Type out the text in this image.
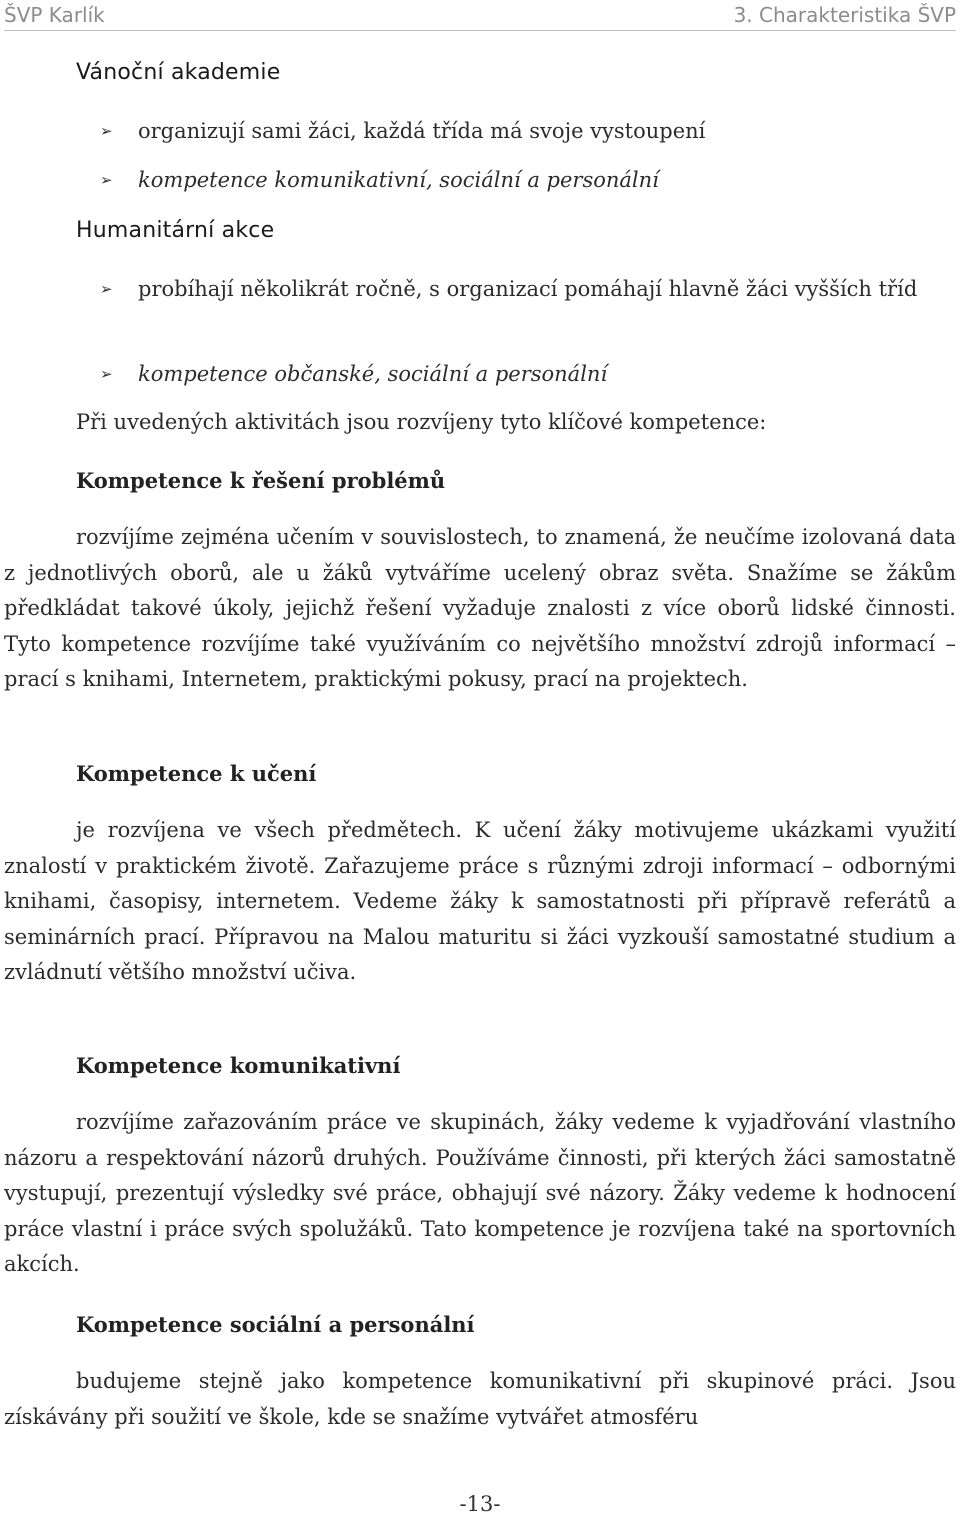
ŠVP Karlík	3. Charakteristika ŠVP
Vánoční akademie
➢	organizují sami žáci, každá třída má svoje vystoupení
➢	kompetence komunikativní, sociální a personální
Humanitární akce
➢	probíhají několikrát ročně, s organizací pomáhají hlavně žáci vyšších tříd
➢	kompetence občanské, sociální a personální
Při uvedených aktivitách jsou rozvíjeny tyto klíčové kompetence:
Kompetence k řešení problémů

rozvíjíme zejména učením v souvislostech, to znamená, že neučíme izolovaná data z jednotlivých oborů, ale u žáků vytváříme ucelený obraz světa. Snažíme se žákům předkládat takové úkoly, jejichž řešení vyžaduje znalosti z více oborů lidské činnosti. Tyto kompetence rozvíjíme také využíváním co největšího množství zdrojů informací – prací s knihami, Internetem, praktickými pokusy, prací na projektech.

Kompetence k učení

je rozvíjena ve všech předmětech. K učení žáky motivujeme ukázkami využití znalostí v praktickém životě. Zařazujeme práce s různými zdroji informací – odbornými knihami, časopisy, internetem. Vedeme žáky k samostatnosti při přípravě referátů a seminárních prací. Přípravou na Malou maturitu si žáci vyzkouší samostatné studium a zvládnutí většího množství učiva.

Kompetence komunikativní

rozvíjíme zařazováním práce ve skupinách, žáky vedeme k vyjadřování vlastního názoru a respektování názorů druhých. Používáme činnosti, při kterých žáci samostatně vystupují, prezentují výsledky své práce, obhajují své názory. Žáky vedeme k hodnocení práce vlastní i práce svých spolužáků. Tato kompetence je rozvíjena také na sportovních akcích.

Kompetence sociální a personální

budujeme stejně jako kompetence komunikativní při skupinové práci. Jsou získávány při soužití ve škole, kde se snažíme vytvářet atmosféru

-13-
